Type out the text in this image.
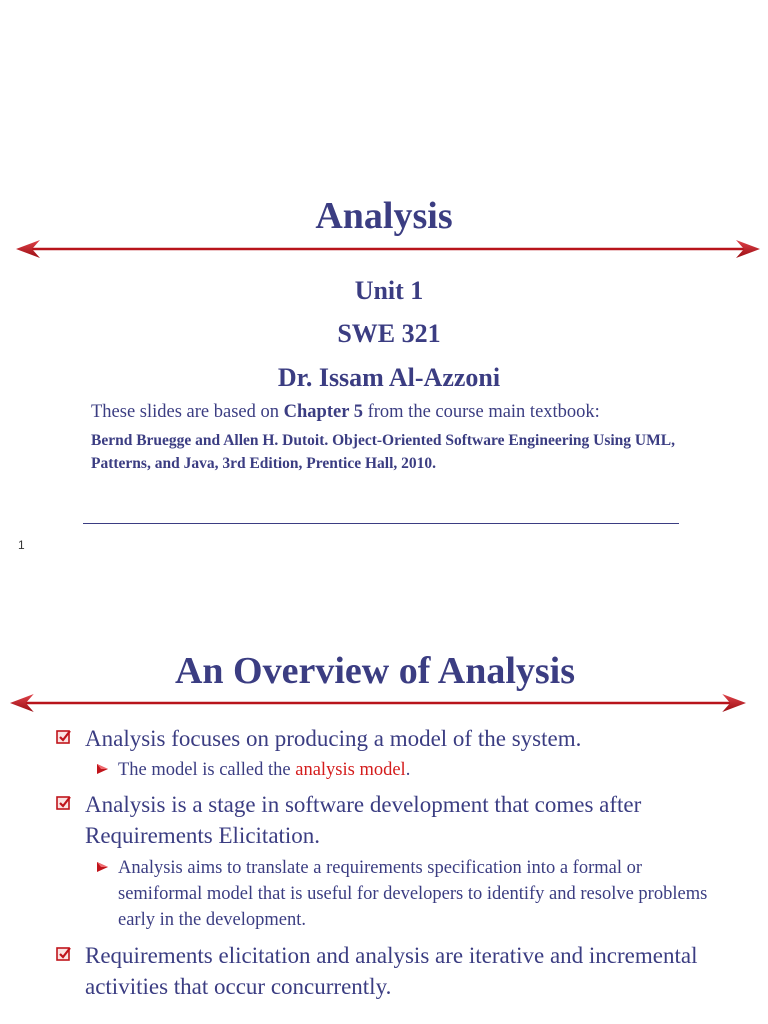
Analysis
Unit 1
SWE 321
Dr. Issam Al-Azzoni
These slides are based on Chapter 5 from the course main textbook:
Bernd Bruegge and Allen H. Dutoit. Object-Oriented Software Engineering Using UML, Patterns, and Java, 3rd Edition, Prentice Hall, 2010.
1
An Overview of Analysis
Analysis focuses on producing a model of the system.
The model is called the analysis model.
Analysis is a stage in software development that comes after Requirements Elicitation.
Analysis aims to translate a requirements specification into a formal or semiformal model that is useful for developers to identify and resolve problems early in the development.
Requirements elicitation and analysis are iterative and incremental activities that occur concurrently.
